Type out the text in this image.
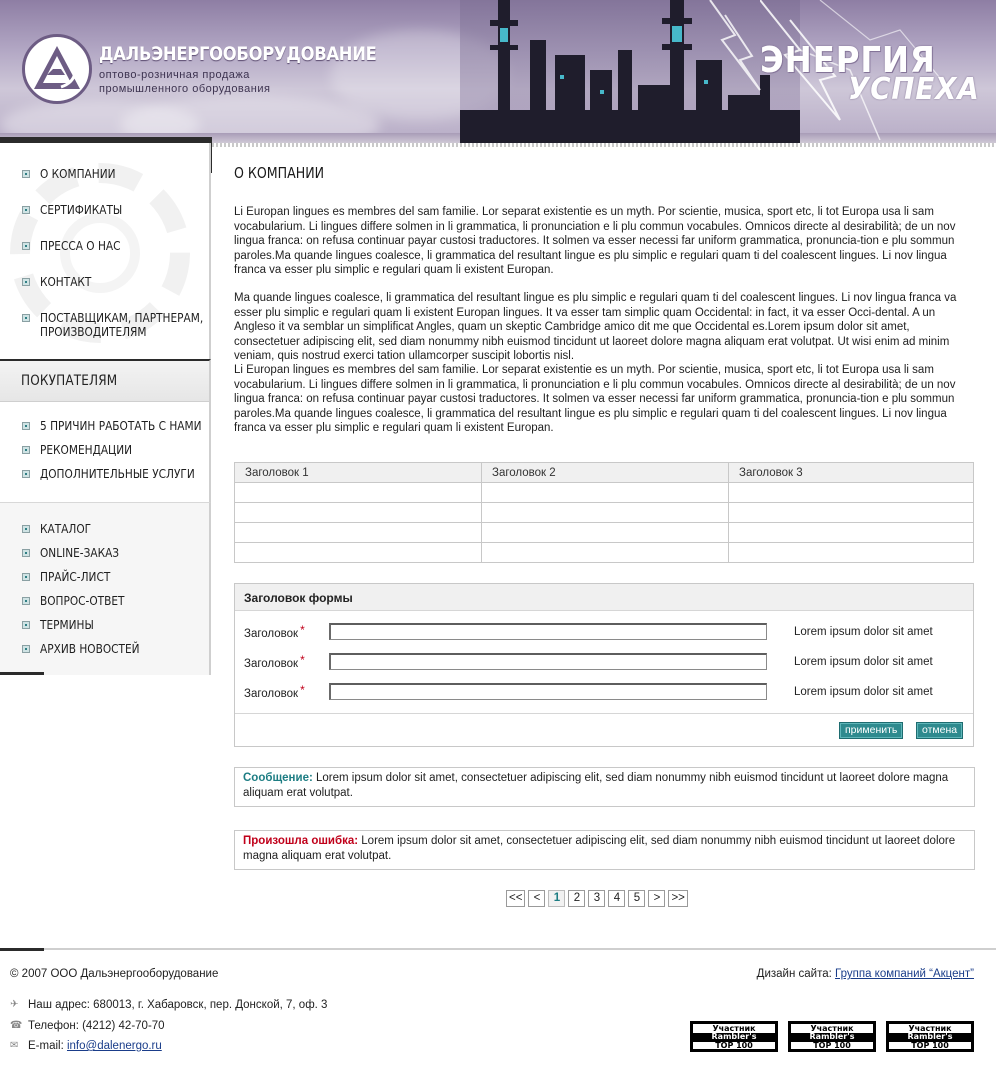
ДАЛЬЭНЕРГООБОРУДОВАНИЕ
оптово-розничная продажа
промышленного оборудования
ЭНЕРГИЯ
УСПЕХА
О КОМПАНИИ
СЕРТИФИКАТЫ
ПРЕССА О НАС
КОНТАКТ
ПОСТАВЩИКАМ, ПАРТНЕРАМ,
ПРОИЗВОДИТЕЛЯМ
ПОКУПАТЕЛЯМ
5 ПРИЧИН РАБОТАТЬ С НАМИ
РЕКОМЕНДАЦИИ
ДОПОЛНИТЕЛЬНЫЕ УСЛУГИ
КАТАЛОГ
ONLINE-ЗАКАЗ
ПРАЙС-ЛИСТ
ВОПРОС-ОТВЕТ
ТЕРМИНЫ
АРХИВ НОВОСТЕЙ
О КОМПАНИИ

Li Europan lingues es membres del sam familie. Lor separat existentie es un myth. Por scientie, musica, sport etc, li tot Europa usa li sam vocabularium. Li lingues differe solmen in li grammatica, li pronunciation e li plu commun vocabules. Omnicos directe al desirabilità; de un nov lingua franca: on refusa continuar payar custosi traductores. It solmen va esser necessi far uniform grammatica, pronuncia-tion e plu sommun paroles.Ma quande lingues coalesce, li grammatica del resultant lingue es plu simplic e regulari quam ti del coalescent lingues. Li nov lingua franca va esser plu simplic e regulari quam li existent Europan.

Ma quande lingues coalesce, li grammatica del resultant lingue es plu simplic e regulari quam ti del coalescent lingues. Li nov lingua franca va esser plu simplic e regulari quam li existent Europan lingues. It va esser tam simplic quam Occidental: in fact, it va esser Occi-dental. A un Angleso it va semblar un simplificat Angles, quam un skeptic Cambridge amico dit me que Occidental es.Lorem ipsum dolor sit amet, consectetuer adipiscing elit, sed diam nonummy nibh euismod tincidunt ut laoreet dolore magna aliquam erat volutpat. Ut wisi enim ad minim veniam, quis nostrud exerci tation ullamcorper suscipit lobortis nisl.

Li Europan lingues es membres del sam familie. Lor separat existentie es un myth. Por scientie, musica, sport etc, li tot Europa usa li sam vocabularium. Li lingues differe solmen in li grammatica, li pronunciation e li plu commun vocabules. Omnicos directe al desirabilità; de un nov lingua franca: on refusa continuar payar custosi traductores. It solmen va esser necessi far uniform grammatica, pronuncia-tion e plu sommun paroles.Ma quande lingues coalesce, li grammatica del resultant lingue es plu simplic e regulari quam ti del coalescent lingues. Li nov lingua franca va esser plu simplic e regulari quam li existent Europan.

Заголовок 1	Заголовок 2	Заголовок 3

Заголовок формы
Заголовок *	Lorem ipsum dolor sit amet
Заголовок *	Lorem ipsum dolor sit amet
Заголовок *	Lorem ipsum dolor sit amet
применить	отмена
Сообщение: Lorem ipsum dolor sit amet, consectetuer adipiscing elit, sed diam nonummy nibh euismod tincidunt ut laoreet dolore magna aliquam erat volutpat.
Произошла ошибка: Lorem ipsum dolor sit amet, consectetuer adipiscing elit, sed diam nonummy nibh euismod tincidunt ut laoreet dolore magna aliquam erat volutpat.
<< <	1	2	3	4	5	> >>
© 2007 ООО Дальэнергооборудование	Дизайн сайта: Группа компаний “Акцент”
✈ Наш адрес: 680013, г. Хабаровск, пер. Донской, 7, оф. 3
☎ Телефон: (4212) 42-70-70
✉ E-mail:
info@dalenergo.ru
Участник
Rambler's
TOP 100
Участник
Rambler's
TOP 100
Участник
Rambler's
TOP 100
